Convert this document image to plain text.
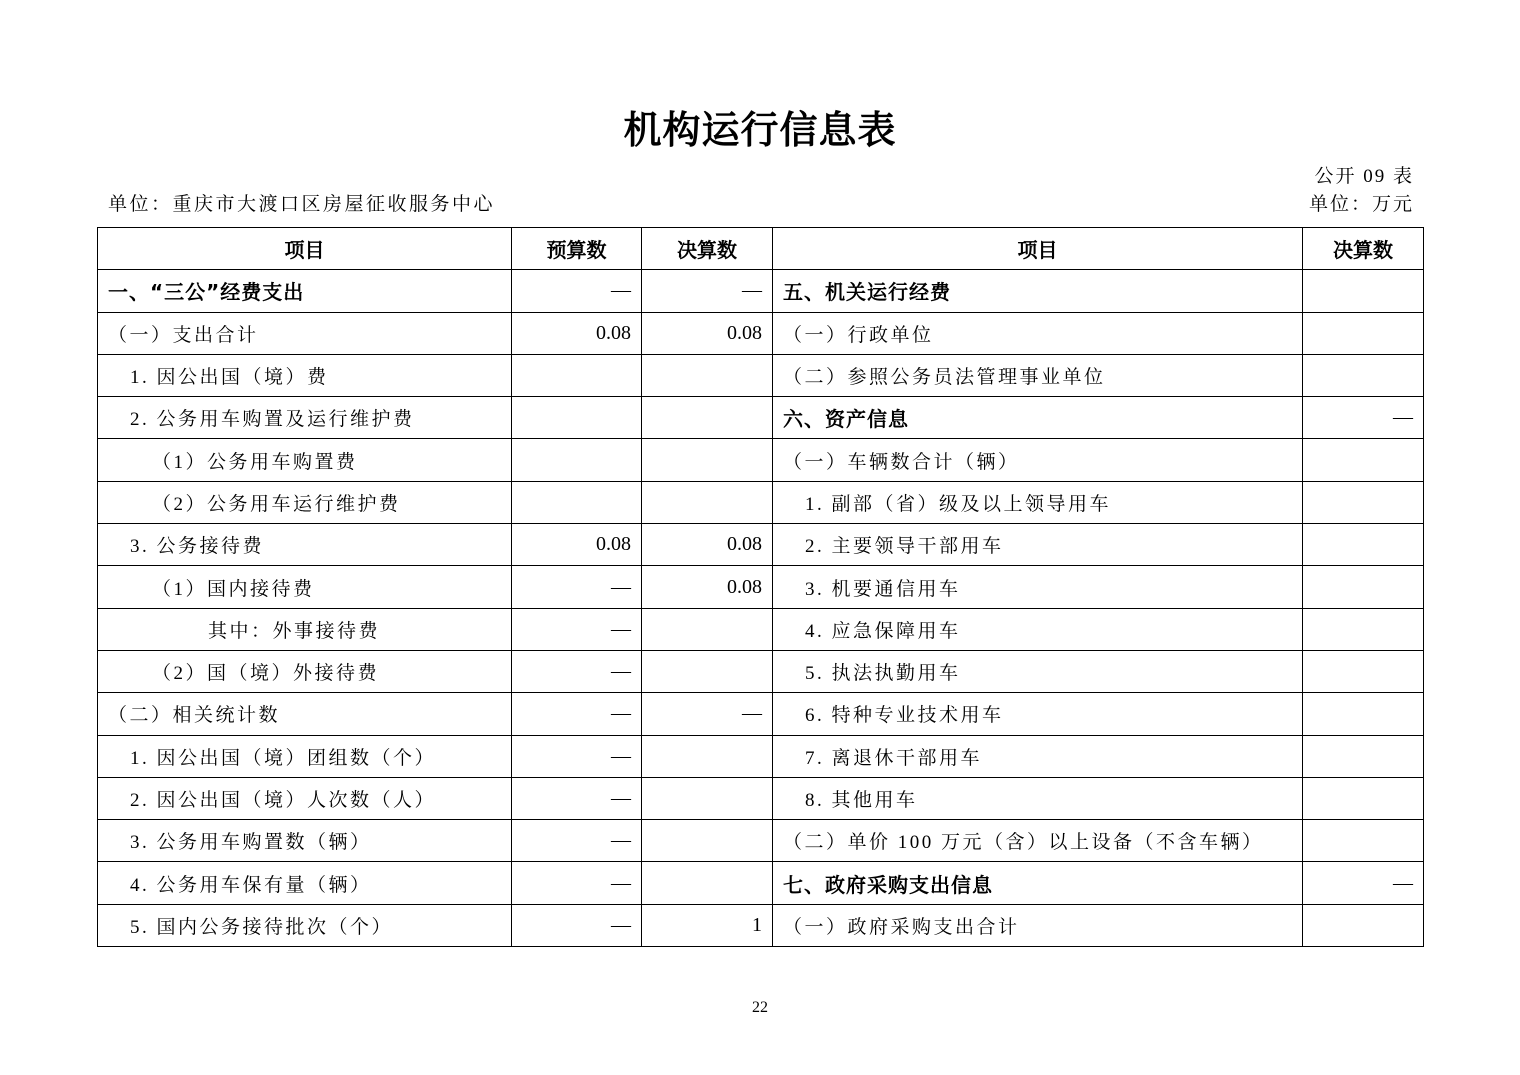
机构运行信息表
公开 09 表
单位：重庆市大渡口区房屋征收服务中心	单位：万元
项目	预算数	决算数	项目	决算数
一、“三公”经费支出	—	—	五、机关运行经费	
（一）支出合计	0.08	0.08	（一）行政单位	
1. 因公出国（境）费			（二）参照公务员法管理事业单位	
2. 公务用车购置及运行维护费			六、资产信息	—
（1）公务用车购置费			（一）车辆数合计（辆）	
（2）公务用车运行维护费			1. 副部（省）级及以上领导用车	
3. 公务接待费	0.08	0.08	2. 主要领导干部用车	
（1）国内接待费	—	0.08	3. 机要通信用车	
其中：外事接待费	—		4. 应急保障用车	
（2）国（境）外接待费	—		5. 执法执勤用车	
（二）相关统计数	—	—	6. 特种专业技术用车	
1. 因公出国（境）团组数（个）	—		7. 离退休干部用车	
2. 因公出国（境）人次数（人）	—		8. 其他用车	
3. 公务用车购置数（辆）	—		（二）单价 100 万元（含）以上设备（不含车辆）	
4. 公务用车保有量（辆）	—		七、政府采购支出信息	—
5. 国内公务接待批次（个）	—	1	（一）政府采购支出合计	
22
